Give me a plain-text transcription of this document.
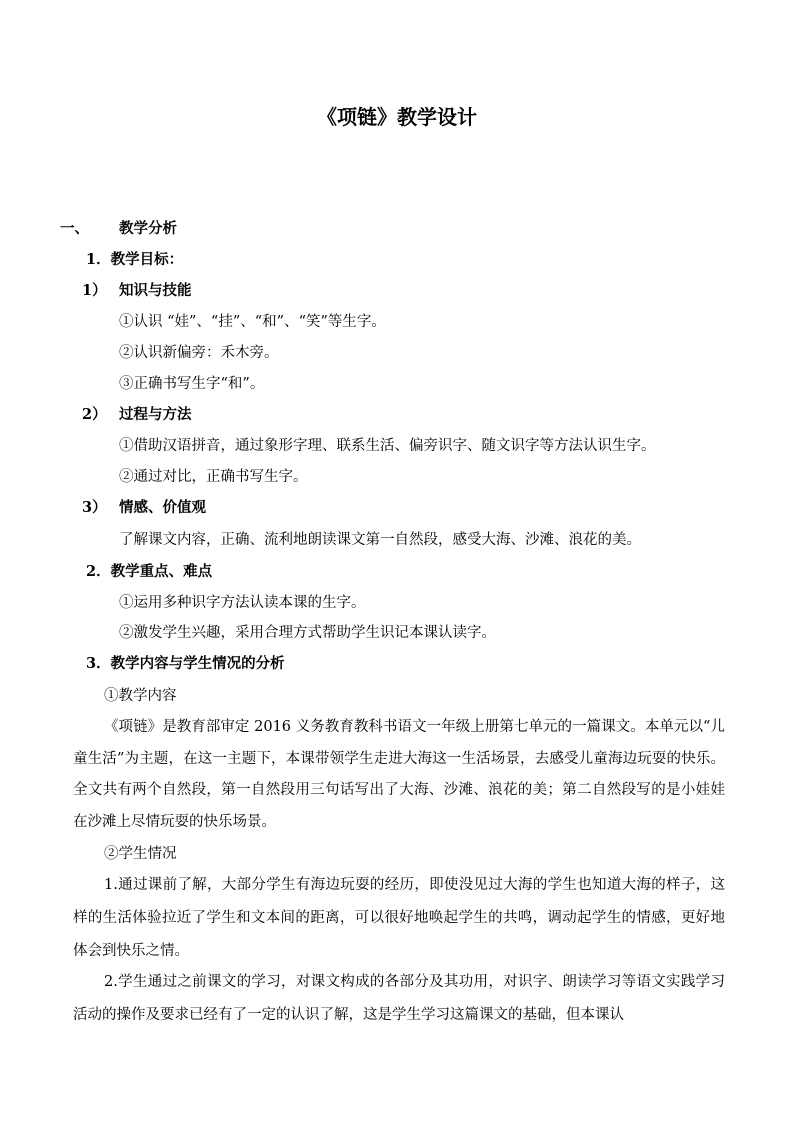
《项链》教学设计
一、 教学分析
1．教学目标：
1） 知识与技能
①认识 “娃”、“挂”、“和”、“笑”等生字。
②认识新偏旁：禾木旁。
③正确书写生字“和”。
2） 过程与方法
①借助汉语拼音，通过象形字理、联系生活、偏旁识字、随文识字等方法认识生字。
②通过对比，正确书写生字。
3） 情感、价值观
了解课文内容，正确、流利地朗读课文第一自然段，感受大海、沙滩、浪花的美。
2．教学重点、难点
①运用多种识字方法认读本课的生字。
②激发学生兴趣，采用合理方式帮助学生识记本课认读字。
3．教学内容与学生情况的分析
①教学内容
《项链》是教育部审定 2016 义务教育教科书语文一年级上册第七单元的一篇课文。本单元以“儿童生活”为主题，在这一主题下，本课带领学生走进大海这一生活场景，去感受儿童海边玩耍的快乐。全文共有两个自然段，第一自然段用三句话写出了大海、沙滩、浪花的美；第二自然段写的是小娃娃在沙滩上尽情玩耍的快乐场景。
②学生情况
1.通过课前了解，大部分学生有海边玩耍的经历，即使没见过大海的学生也知道大海的样子，这样的生活体验拉近了学生和文本间的距离，可以很好地唤起学生的共鸣，调动起学生的情感，更好地体会到快乐之情。
2.学生通过之前课文的学习，对课文构成的各部分及其功用，对识字、朗读学习等语文实践学习活动的操作及要求已经有了一定的认识了解，这是学生学习这篇课文的基础，但本课认
